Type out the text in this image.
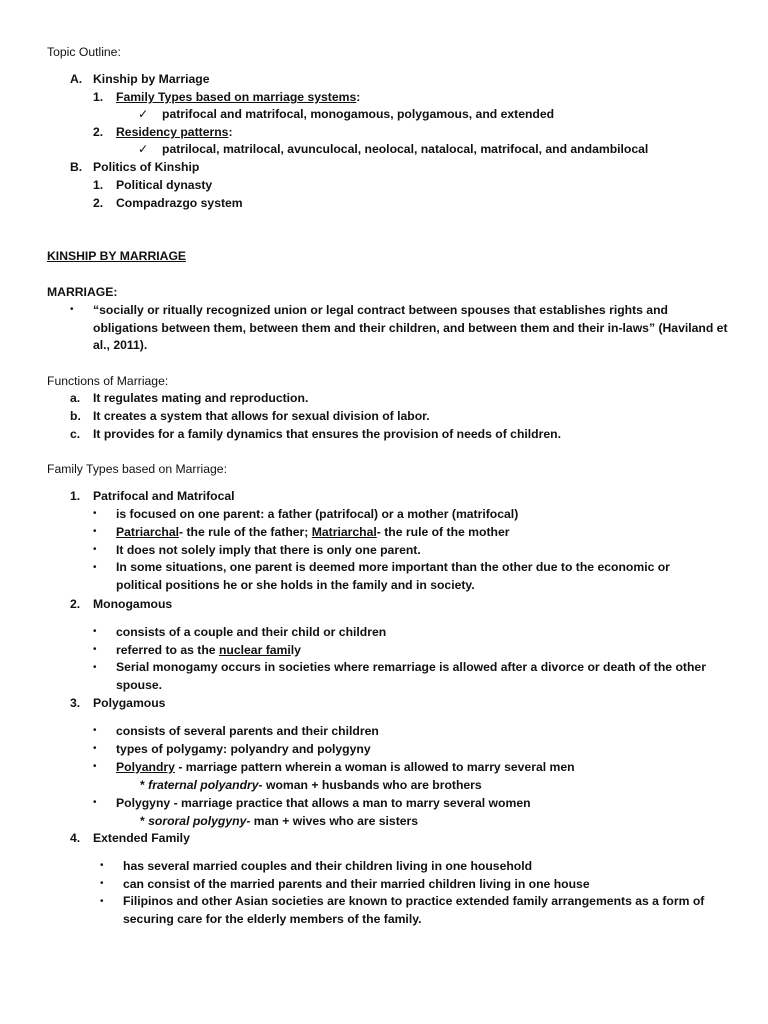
Topic Outline:
A. Kinship by Marriage
1. Family Types based on marriage systems:
✓ patrifocal and matrifocal, monogamous, polygamous, and extended
2. Residency patterns:
✓ patrilocal, matrilocal, avunculocal, neolocal, natalocal, matrifocal, and andambilocal
B. Politics of Kinship
1. Political dynasty
2. Compadrazgo system
KINSHIP BY MARRIAGE
MARRIAGE:
• “socially or ritually recognized union or legal contract between spouses that establishes rights and obligations between them, between them and their children, and between them and their in-laws” (Haviland et al., 2011).
Functions of Marriage:
a. It regulates mating and reproduction.
b. It creates a system that allows for sexual division of labor.
c. It provides for a family dynamics that ensures the provision of needs of children.
Family Types based on Marriage:
1. Patrifocal and Matrifocal
• is focused on one parent: a father (patrifocal) or a mother (matrifocal)
• Patriarchal- the rule of the father; Matriarchal- the rule of the mother
• It does not solely imply that there is only one parent.
• In some situations, one parent is deemed more important than the other due to the economic or political positions he or she holds in the family and in society.
2. Monogamous
• consists of a couple and their child or children
• referred to as the nuclear family
• Serial monogamy occurs in societies where remarriage is allowed after a divorce or death of the other spouse.
3. Polygamous
• consists of several parents and their children
• types of polygamy: polyandry and polygyny
• Polyandry - marriage pattern wherein a woman is allowed to marry several men
* fraternal polyandry- woman + husbands who are brothers
• Polygyny - marriage practice that allows a man to marry several women
* sororal polygyny- man + wives who are sisters
4. Extended Family
• has several married couples and their children living in one household
• can consist of the married parents and their married children living in one house
• Filipinos and other Asian societies are known to practice extended family arrangements as a form of securing care for the elderly members of the family.
